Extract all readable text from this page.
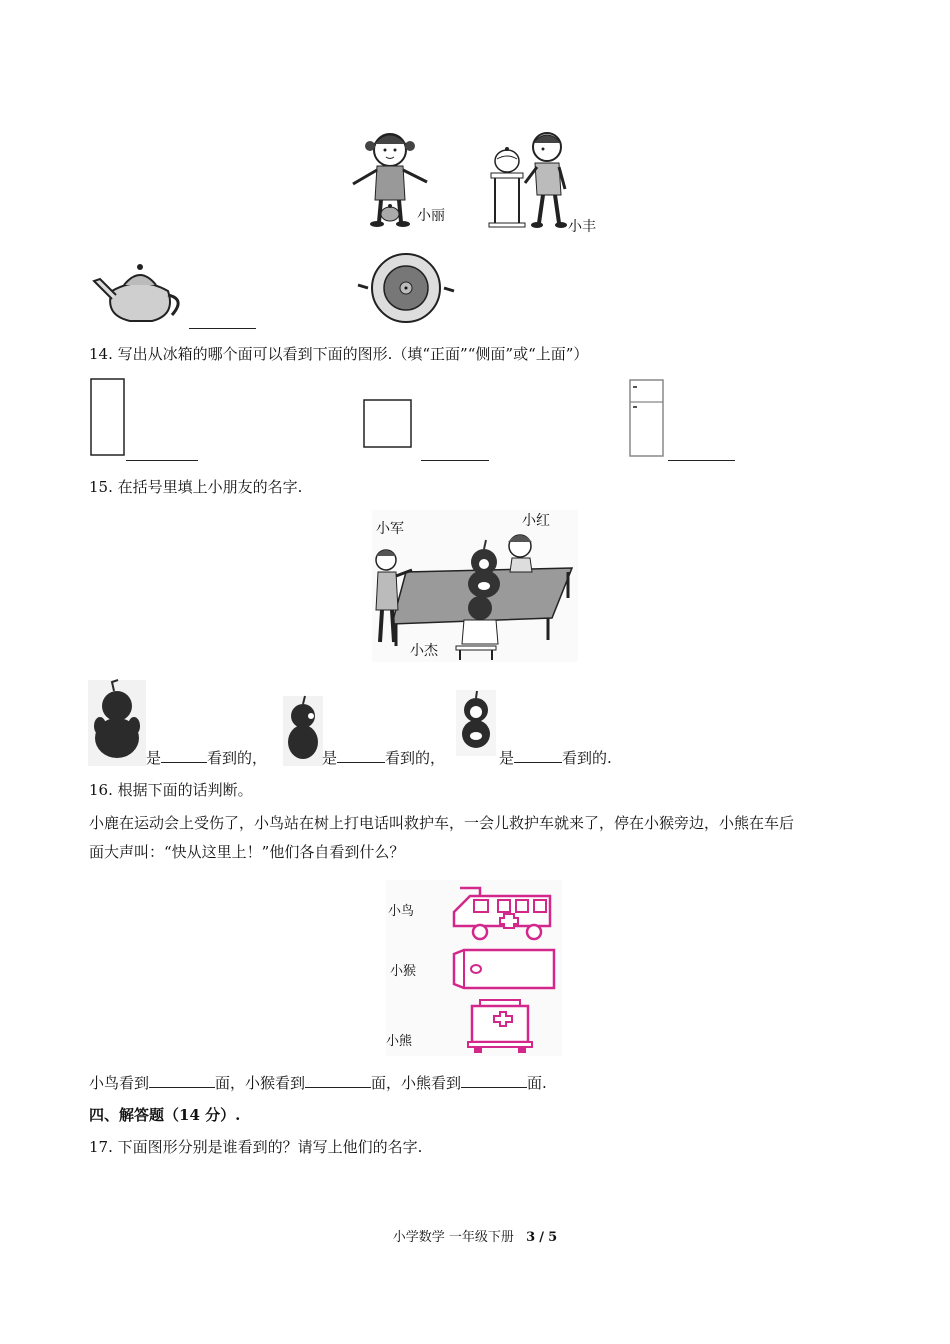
小丽
小丰
14. 写出从冰箱的哪个面可以看到下面的图形.（填“正面”“侧面”或“上面”）
15. 在括号里填上小朋友的名字.
小军	小红
小杰
是	看到的，	是	看到的，	是	看到的.
16. 根据下面的话判断。
小鹿在运动会上受伤了，小鸟站在树上打电话叫救护车，一会儿救护车就来了，停在小猴旁边，小熊在车后
面大声叫：“快从这里上！”他们各自看到什么？
小鸟
小猴
小熊
小鸟看到	面，小猴看到	面，小熊看到	面.
四、解答题（14 分）.
17. 下面图形分别是谁看到的？请写上他们的名字.
小学数学 一年级下册 3 / 5
